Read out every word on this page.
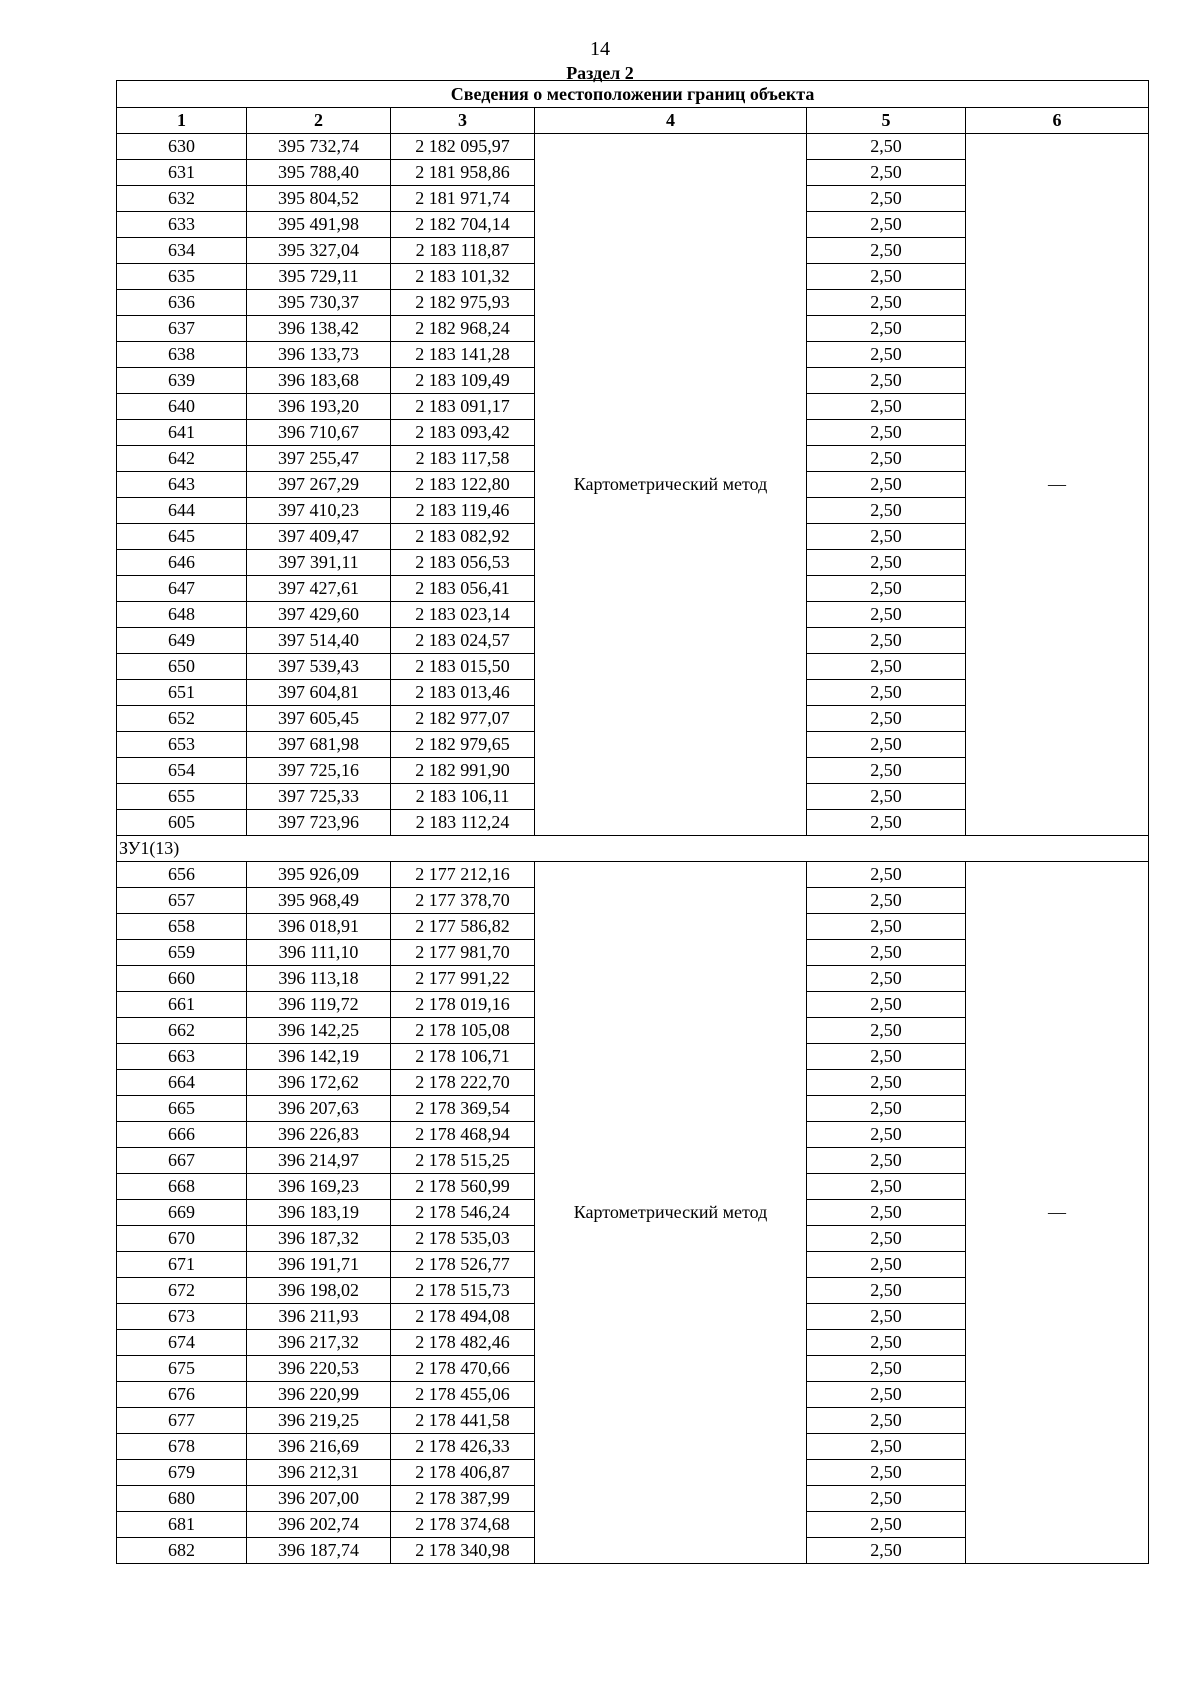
14
Раздел 2
Сведения о местоположении границ объекта					
1	2	3	4	5	6
630	395 732,74	2 182 095,97	Картометрический метод	2,50	—
631	395 788,40	2 181 958,86		2,50	
632	395 804,52	2 181 971,74		2,50	
633	395 491,98	2 182 704,14		2,50	
634	395 327,04	2 183 118,87		2,50	
635	395 729,11	2 183 101,32		2,50	
636	395 730,37	2 182 975,93		2,50	
637	396 138,42	2 182 968,24		2,50	
638	396 133,73	2 183 141,28		2,50	
639	396 183,68	2 183 109,49		2,50	
640	396 193,20	2 183 091,17		2,50	
641	396 710,67	2 183 093,42		2,50	
642	397 255,47	2 183 117,58		2,50	
643	397 267,29	2 183 122,80		2,50	
644	397 410,23	2 183 119,46		2,50	
645	397 409,47	2 183 082,92		2,50	
646	397 391,11	2 183 056,53		2,50	
647	397 427,61	2 183 056,41		2,50	
648	397 429,60	2 183 023,14		2,50	
649	397 514,40	2 183 024,57		2,50	
650	397 539,43	2 183 015,50		2,50	
651	397 604,81	2 183 013,46		2,50	
652	397 605,45	2 182 977,07		2,50	
653	397 681,98	2 182 979,65		2,50	
654	397 725,16	2 182 991,90		2,50	
655	397 725,33	2 183 106,11		2,50	
605	397 723,96	2 183 112,24		2,50	
ЗУ1(13)					
656	395 926,09	2 177 212,16	Картометрический метод	2,50	—
657	395 968,49	2 177 378,70		2,50	
658	396 018,91	2 177 586,82		2,50	
659	396 111,10	2 177 981,70		2,50	
660	396 113,18	2 177 991,22		2,50	
661	396 119,72	2 178 019,16		2,50	
662	396 142,25	2 178 105,08		2,50	
663	396 142,19	2 178 106,71		2,50	
664	396 172,62	2 178 222,70		2,50	
665	396 207,63	2 178 369,54		2,50	
666	396 226,83	2 178 468,94		2,50	
667	396 214,97	2 178 515,25		2,50	
668	396 169,23	2 178 560,99		2,50	
669	396 183,19	2 178 546,24		2,50	
670	396 187,32	2 178 535,03		2,50	
671	396 191,71	2 178 526,77		2,50	
672	396 198,02	2 178 515,73		2,50	
673	396 211,93	2 178 494,08		2,50	
674	396 217,32	2 178 482,46		2,50	
675	396 220,53	2 178 470,66		2,50	
676	396 220,99	2 178 455,06		2,50	
677	396 219,25	2 178 441,58		2,50	
678	396 216,69	2 178 426,33		2,50	
679	396 212,31	2 178 406,87		2,50	
680	396 207,00	2 178 387,99		2,50	
681	396 202,74	2 178 374,68		2,50	
682	396 187,74	2 178 340,98		2,50	
